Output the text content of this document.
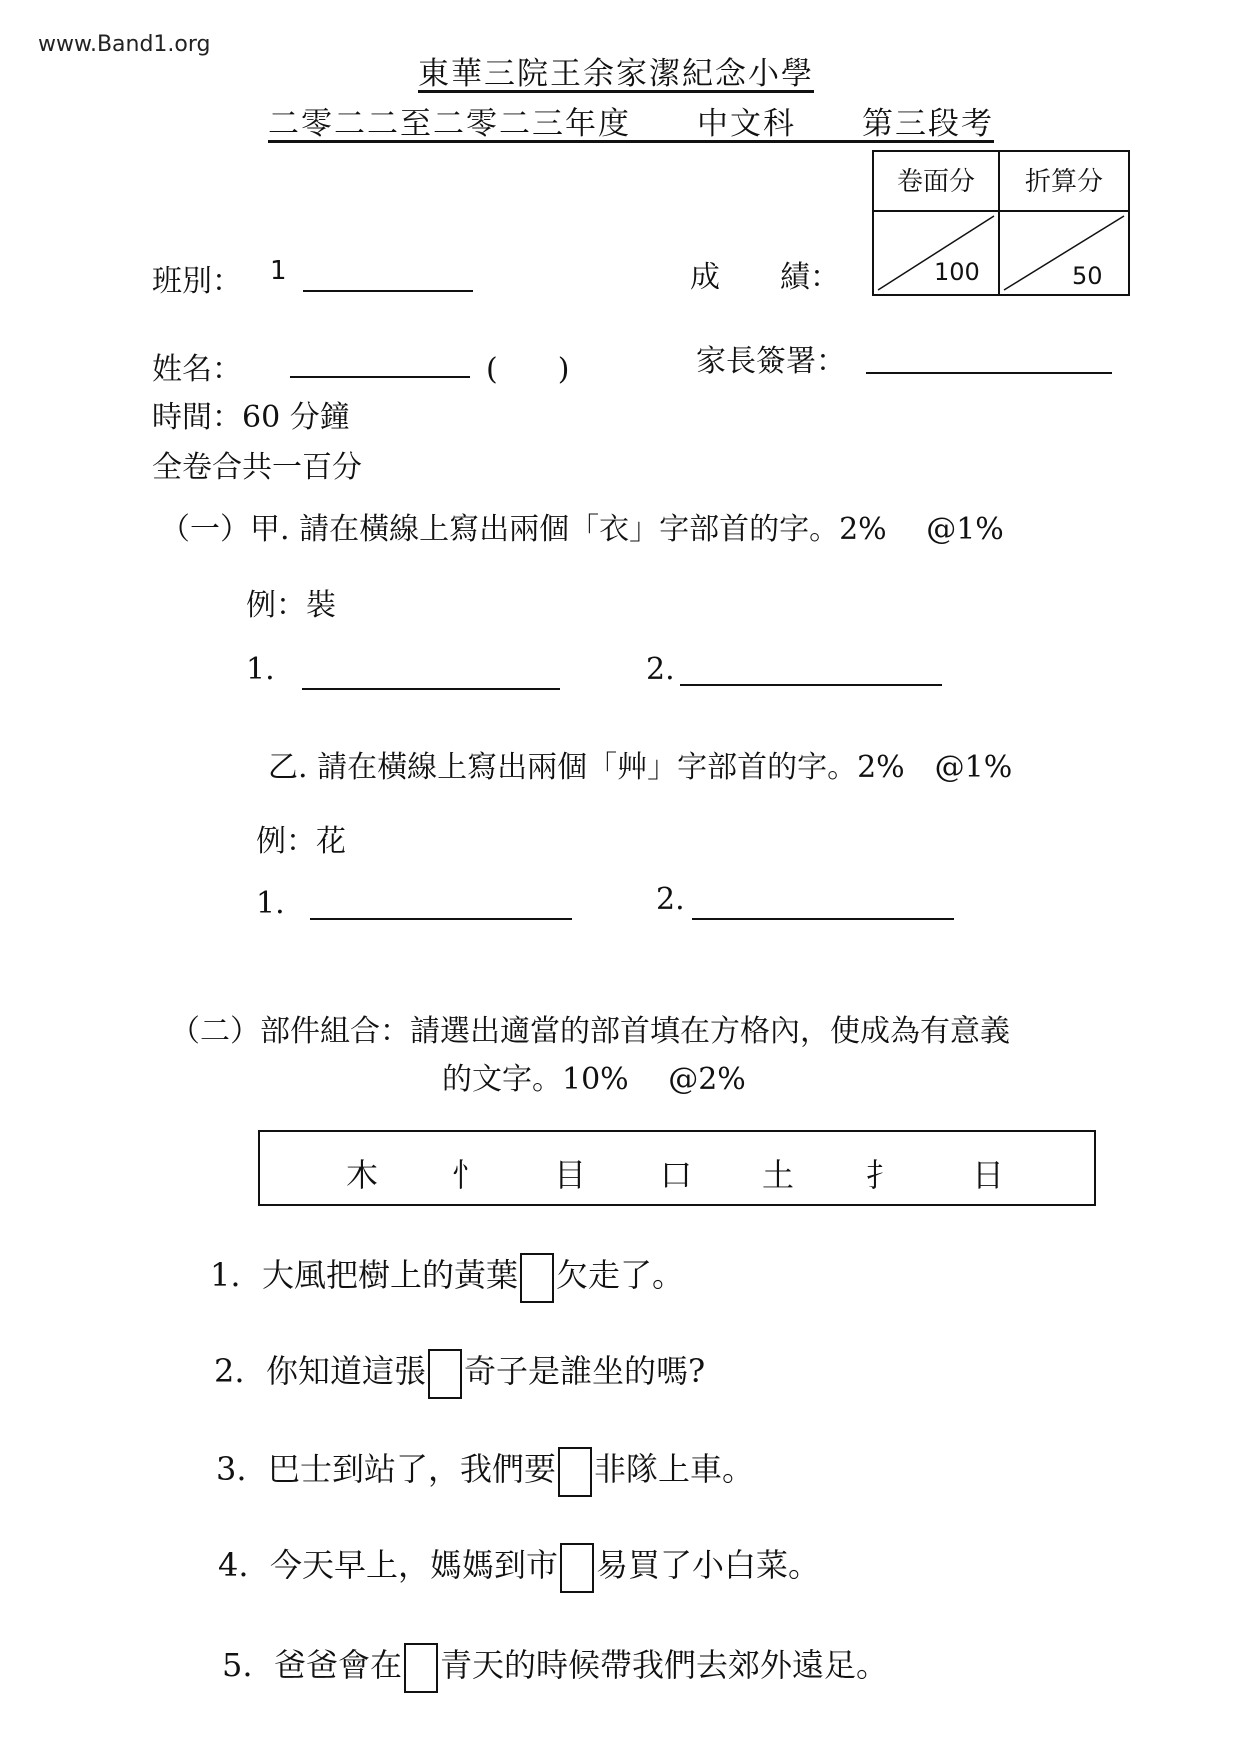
www.Band1.org
東華三院王余家潔紀念小學
二零二二至二零二三年度　　中文科　　第三段考
卷面分	折算分
100	50
班別： 1	成　　績：
姓名：	(　　)	家長簽署：
時間：60 分鐘
全卷合共一百分
（一）甲. 請在橫線上寫出兩個「衣」字部首的字。2%　 @1%
例：裝
1.	2.
乙. 請在橫線上寫出兩個「艸」字部首的字。2%　@1%
例：花
1.	2.
（二）部件組合：請選出適當的部首填在方格內，使成為有意義
的文字。10%　 @2%
木 忄 目 口 土 扌 日
1. 大風把樹上的黃葉 欠走了。
2. 你知道這張 奇子是誰坐的嗎?
3. 巴士到站了，我們要 非隊上車。
4. 今天早上，媽媽到市 易買了小白菜。
5. 爸爸會在 青天的時候帶我們去郊外遠足。
